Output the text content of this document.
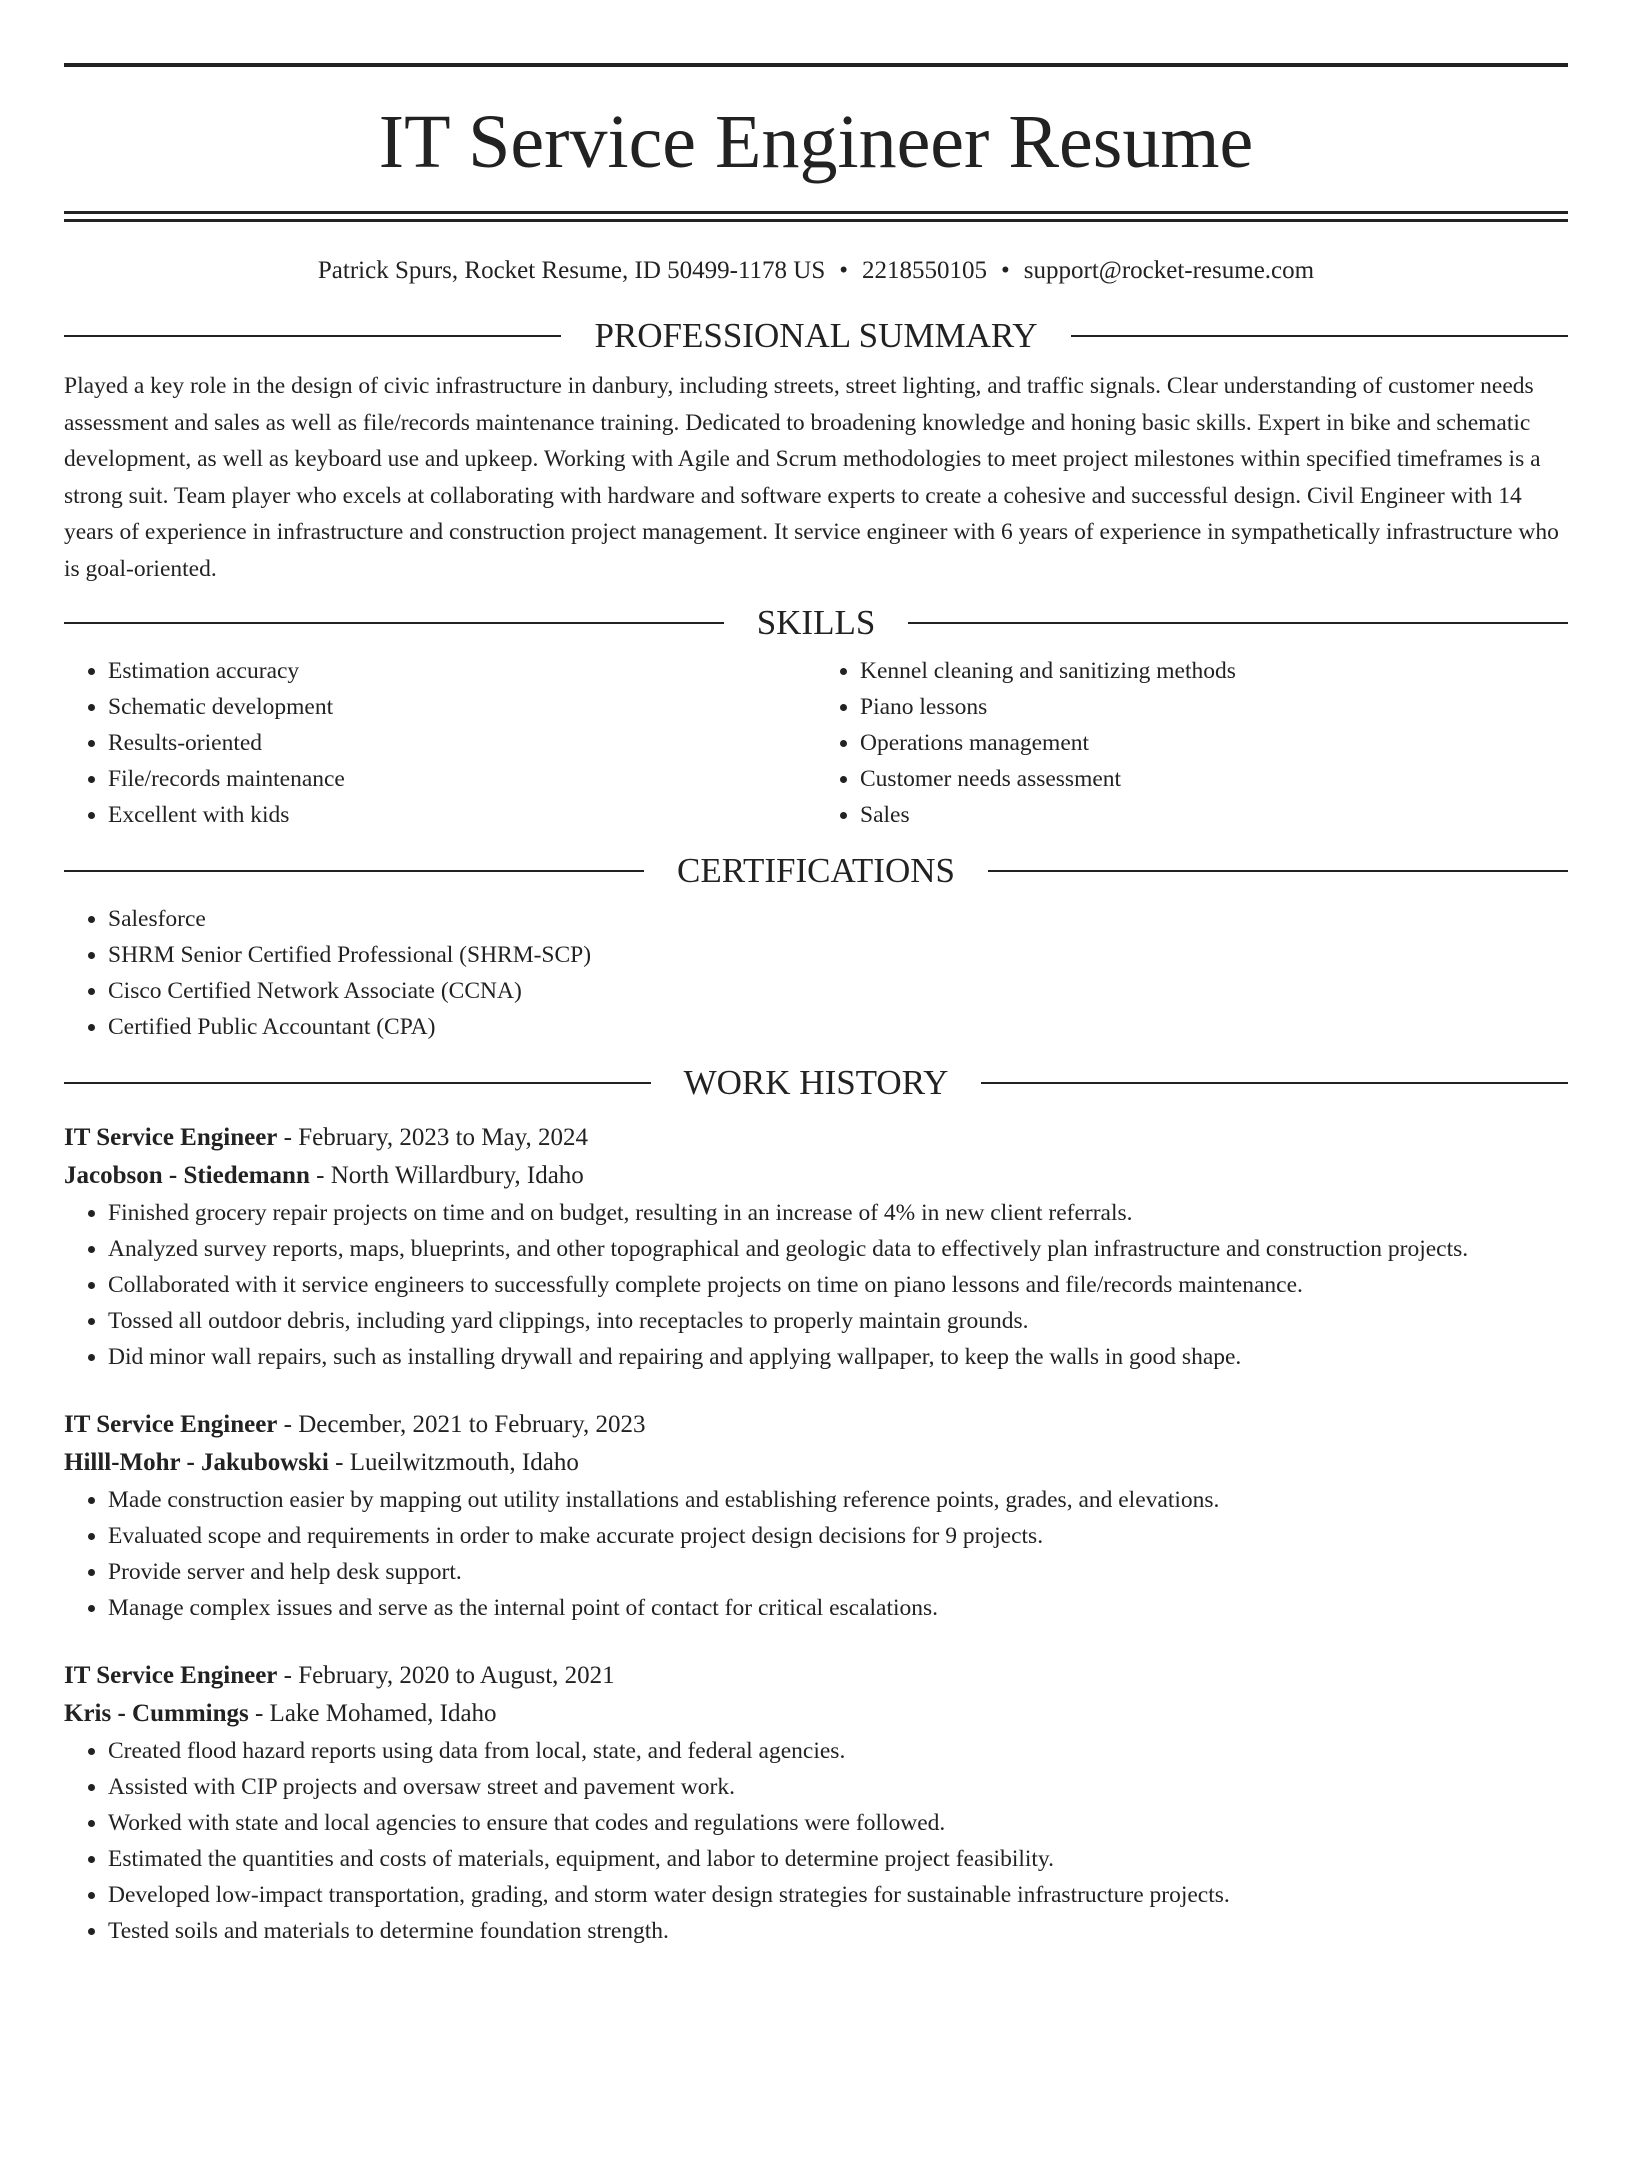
IT Service Engineer Resume
Patrick Spurs, Rocket Resume, ID 50499-1178 US • 2218550105 • support@rocket-resume.com
PROFESSIONAL SUMMARY

Played a key role in the design of civic infrastructure in danbury, including streets, street lighting, and traffic signals. Clear understanding of customer needs assessment and sales as well as file/records maintenance training. Dedicated to broadening knowledge and honing basic skills. Expert in bike and schematic development, as well as keyboard use and upkeep. Working with Agile and Scrum methodologies to meet project milestones within specified timeframes is a strong suit. Team player who excels at collaborating with hardware and software experts to create a cohesive and successful design. Civil Engineer with 14 years of experience in infrastructure and construction project management. It service engineer with 6 years of experience in sympathetically infrastructure who is goal-oriented.

SKILLS
• Estimation accuracy
• Schematic development
• Results-oriented
• File/records maintenance
• Excellent with kids
• Kennel cleaning and sanitizing methods
• Piano lessons
• Operations management
• Customer needs assessment
• Sales
CERTIFICATIONS
• Salesforce
• SHRM Senior Certified Professional (SHRM-SCP)
• Cisco Certified Network Associate (CCNA)
• Certified Public Accountant (CPA)
WORK HISTORY
IT Service Engineer - February, 2023 to May, 2024
Jacobson - Stiedemann - North Willardbury, Idaho
• Finished grocery repair projects on time and on budget, resulting in an increase of 4% in new client referrals.
• Analyzed survey reports, maps, blueprints, and other topographical and geologic data to effectively plan infrastructure and construction projects.
• Collaborated with it service engineers to successfully complete projects on time on piano lessons and file/records maintenance.
• Tossed all outdoor debris, including yard clippings, into receptacles to properly maintain grounds.
• Did minor wall repairs, such as installing drywall and repairing and applying wallpaper, to keep the walls in good shape.
IT Service Engineer - December, 2021 to February, 2023
Hilll-Mohr - Jakubowski - Lueilwitzmouth, Idaho
• Made construction easier by mapping out utility installations and establishing reference points, grades, and elevations.
• Evaluated scope and requirements in order to make accurate project design decisions for 9 projects.
• Provide server and help desk support.
• Manage complex issues and serve as the internal point of contact for critical escalations.
IT Service Engineer - February, 2020 to August, 2021
Kris - Cummings - Lake Mohamed, Idaho
• Created flood hazard reports using data from local, state, and federal agencies.
• Assisted with CIP projects and oversaw street and pavement work.
• Worked with state and local agencies to ensure that codes and regulations were followed.
• Estimated the quantities and costs of materials, equipment, and labor to determine project feasibility.
• Developed low-impact transportation, grading, and storm water design strategies for sustainable infrastructure projects.
• Tested soils and materials to determine foundation strength.
